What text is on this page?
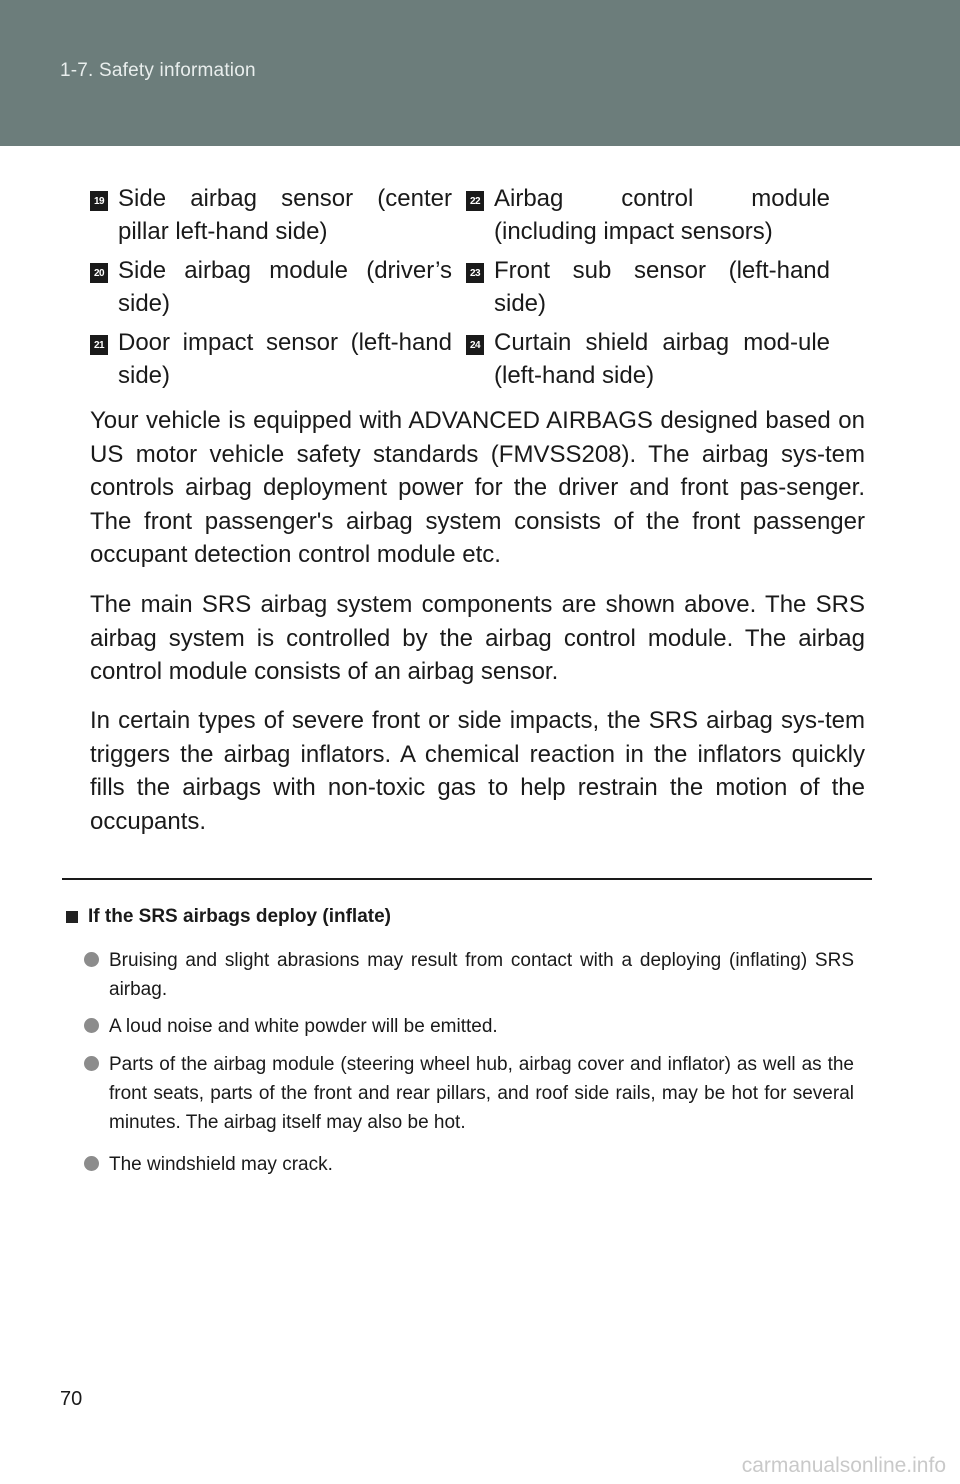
1-7. Safety information
19 Side airbag sensor (center pillar left-hand side)
22 Airbag control module (including impact sensors)
20 Side airbag module (driver’s side)
23 Front sub sensor (left-hand side)
21 Door impact sensor (left-hand side)
24 Curtain shield airbag mod-ule (left-hand side)

Your vehicle is equipped with ADVANCED AIRBAGS designed based on US motor vehicle safety standards (FMVSS208). The airbag sys-tem controls airbag deployment power for the driver and front pas-senger. The front passenger's airbag system consists of the front passenger occupant detection control module etc.

The main SRS airbag system components are shown above. The SRS airbag system is controlled by the airbag control module. The airbag control module consists of an airbag sensor.

In certain types of severe front or side impacts, the SRS airbag sys-tem triggers the airbag inflators. A chemical reaction in the inflators quickly fills the airbags with non-toxic gas to help restrain the motion of the occupants.

If the SRS airbags deploy (inflate)
Bruising and slight abrasions may result from contact with a deploying (inflating) SRS airbag.
A loud noise and white powder will be emitted.
Parts of the airbag module (steering wheel hub, airbag cover and inflator) as well as the front seats, parts of the front and rear pillars, and roof side rails, may be hot for several minutes. The airbag itself may also be hot.
The windshield may crack.
70
carmanualsonline.info
